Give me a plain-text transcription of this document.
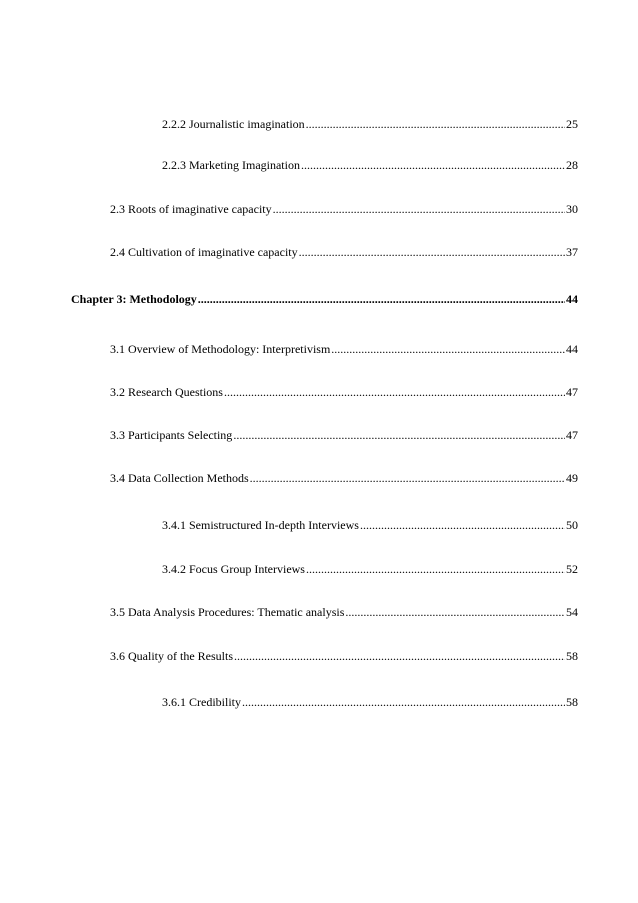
2.2.2 Journalistic imagination .....	25
2.2.3 Marketing Imagination .....	28
2.3 Roots of imaginative capacity .....	30
2.4 Cultivation of imaginative capacity .....	37
Chapter 3: Methodology .....	44
3.1 Overview of Methodology: Interpretivism .....	44
3.2 Research Questions .....	47
3.3 Participants Selecting .....	47
3.4 Data Collection Methods .....	49
3.4.1 Semistructured In-depth Interviews .....	50
3.4.2 Focus Group Interviews .....	52
3.5 Data Analysis Procedures: Thematic analysis .....	54
3.6 Quality of the Results .....	58
3.6.1 Credibility .....	58
